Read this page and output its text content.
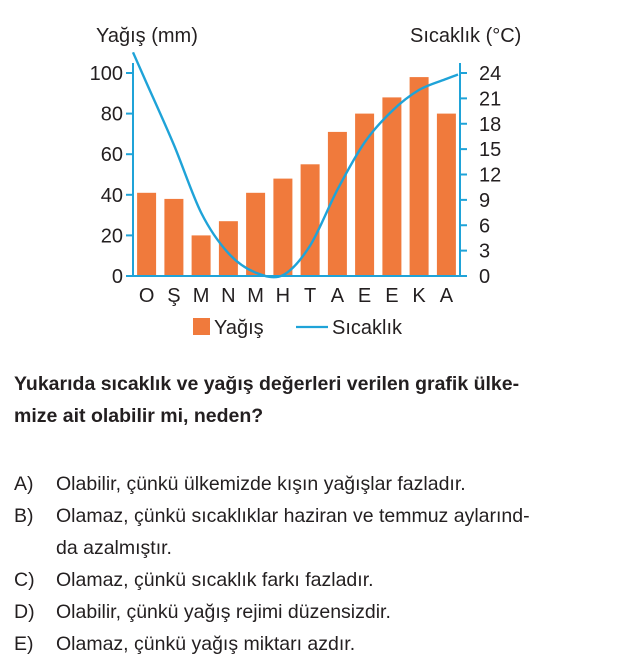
Yağış (mm)	Sıcaklık (°C)
0
20
40
60
80
100
0
3
6
9
12
15
18
21
24
O Ş M N M H T A E E K A
Yağış	Sıcaklık
Yukarıda sıcaklık ve yağış değerleri verilen grafik ülke-
mize ait olabilir mi, neden?
A) Olabilir, çünkü ülkemizde kışın yağışlar fazladır.
B) Olamaz, çünkü sıcaklıklar haziran ve temmuz aylarınd-
da azalmıştır.
C) Olamaz, çünkü sıcaklık farkı fazladır.
D) Olabilir, çünkü yağış rejimi düzensizdir.
E) Olamaz, çünkü yağış miktarı azdır.
